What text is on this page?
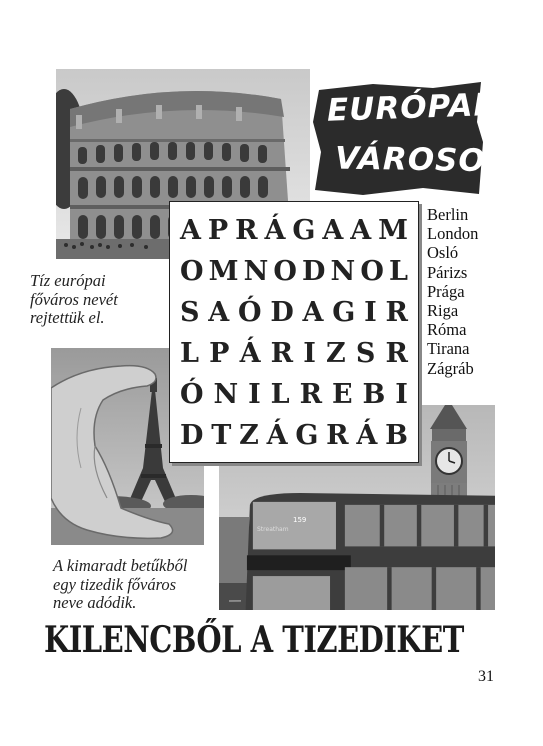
EURÓPAI
VÁROSOK
Tíz európai
főváros nevét
rejtettük el.
A kimaradt betűkből
egy tizedik főváros
neve adódik.
159
Streatham
A P R Á G A A M
O M N O D N O L
S A Ó D A G I R
L P Á R I Z S R
Ó N I L R E B I
D T Z Á G R Á B
Berlin
London
Osló
Párizs
Prága
Riga
Róma
Tirana
Zágráb
KILENCBŐL A TIZEDIKET
31
